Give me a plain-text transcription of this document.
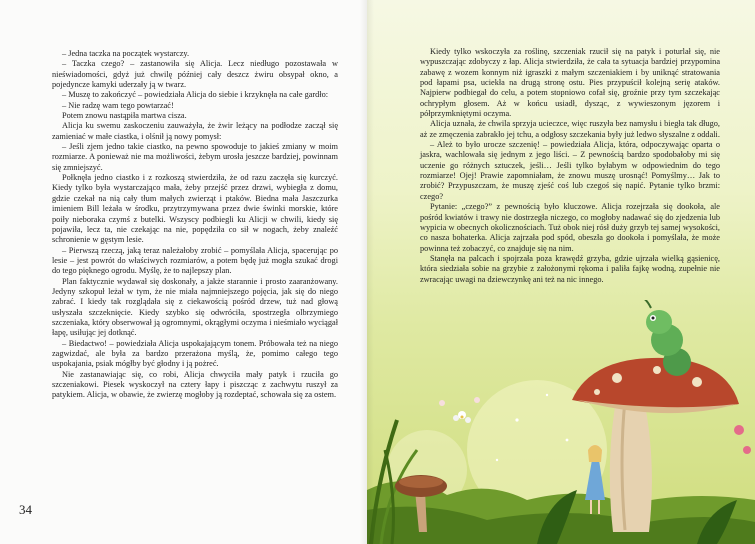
– Jedna taczka na początek wystarczy.

– Taczka czego? – zastanowiła się Alicja. Lecz niedługo pozostawała w nieświadomości, gdyż już chwilę później cały deszcz żwiru obsypał okno, a pojedyncze kamyki uderzały ją w twarz.

– Muszę to zakończyć – powiedziała Alicja do siebie i krzyknęła na całe gardło:

– Nie radzę wam tego powtarzać!

Potem znowu nastąpiła martwa cisza.

Alicja ku swemu zaskoczeniu zauważyła, że żwir leżący na podłodze zaczął się zamieniać w małe ciastka, i olśnił ją nowy pomysł:

– Jeśli zjem jedno takie ciastko, na pewno spowoduje to jakieś zmiany w moim rozmiarze. A ponieważ nie ma możliwości, żebym urosła jeszcze bardziej, powinnam się zmniejszyć.

Połknęła jedno ciastko i z rozkoszą stwierdziła, że od razu zaczęła się kurczyć. Kiedy tylko była wystarczająco mała, żeby przejść przez drzwi, wybiegła z domu, gdzie czekał na nią cały tłum małych zwierząt i ptaków. Biedna mała Jaszczurka imieniem Bill leżała w środku, przytrzymywana przez dwie świnki morskie, które poiły nieboraka czymś z butelki. Wszyscy podbiegli ku Alicji w chwili, kiedy się pojawiła, lecz ta, nie czekając na nie, popędziła co sił w nogach, żeby znaleźć schronienie w gęstym lesie.

– Pierwszą rzeczą, jaką teraz należałoby zrobić – pomyślała Alicja, spacerując po lesie – jest powrót do właściwych rozmiarów, a potem będę już mogła szukać drogi do tego pięknego ogrodu. Myślę, że to najlepszy plan.

Plan faktycznie wydawał się doskonały, a jakże starannie i prosto zaaranżowany. Jedyny szkopuł leżał w tym, że nie miała najmniejszego pojęcia, jak się do niego zabrać. I kiedy tak rozglądała się z ciekawością pośród drzew, tuż nad głową usłyszała szczeknięcie. Kiedy szybko się odwróciła, spostrzegła olbrzymiego szczeniaka, który obserwował ją ogromnymi, okrągłymi oczyma i nieśmiało wyciągał łapę, usiłując jej dotknąć.

– Biedactwo! – powiedziała Alicja uspokajającym tonem. Próbowała też na niego zagwizdać, ale była za bardzo przerażona myślą, że, pomimo całego tego uspokajania, psiak mógłby być głodny i ją pożreć.

Nie zastanawiając się, co robi, Alicja chwyciła mały patyk i rzuciła go szczeniakowi. Piesek wyskoczył na cztery łapy i piszcząc z zachwytu ruszył za patykiem. Alicja, w obawie, że zwierzę mogłoby ją rozdeptać, schowała się za ostem.

Kiedy tylko wskoczyła za roślinę, szczeniak rzucił się na patyk i poturlał się, nie wypuszczając zdobyczy z łap. Alicja stwierdziła, że cała ta sytuacja bardziej przypomina zabawę z wozem konnym niż igraszki z małym szczeniakiem i by uniknąć stratowania pod łapami psa, uciekła na drugą stronę ostu. Pies przypuścił kolejną serię ataków. Najpierw podbiegał do celu, a potem stopniowo cofał się, groźnie przy tym szczekając ochrypłym głosem. Aż w końcu usiadł, dysząc, z wywieszonym jęzorem i półprzymkniętymi oczyma.

Alicja uznała, że chwila sprzyja ucieczce, więc ruszyła bez namysłu i biegła tak długo, aż ze zmęczenia zabrakło jej tchu, a odgłosy szczekania były już ledwo słyszalne z oddali.

– Ależ to było urocze szczenię! – powiedziała Alicja, która, odpoczywając oparta o jaskra, wachlowała się jednym z jego liści. – Z pewnością bardzo spodobałoby mi się uczenie go różnych sztuczek, jeśli… Jeśli tylko byłabym w odpowiednim do tego rozmiarze! Ojej! Prawie zapomniałam, że znowu muszę urosnąć! Pomyślmy… Jak to zrobić? Przypuszczam, że muszę zjeść coś lub czegoś się napić. Pytanie tylko brzmi: czego?

Pytanie: „czego?” z pewnością było kluczowe. Alicja rozejrzała się dookoła, ale pośród kwiatów i trawy nie dostrzegła niczego, co mogłoby nadawać się do zjedzenia lub wypicia w obecnych okolicznościach. Tuż obok niej rósł duży grzyb tej samej wysokości, co nasza bohaterka. Alicja zajrzała pod spód, obeszła go dookoła i pomyślała, że może powinna też zobaczyć, co znajduje się na nim.

Stanęła na palcach i spojrzała poza krawędź grzyba, gdzie ujrzała wielką gąsienicę, która siedziała sobie na grzybie z założonymi rękoma i paliła fajkę wodną, zupełnie nie zwracając uwagi na dziewczynkę ani też na nic innego.

34
